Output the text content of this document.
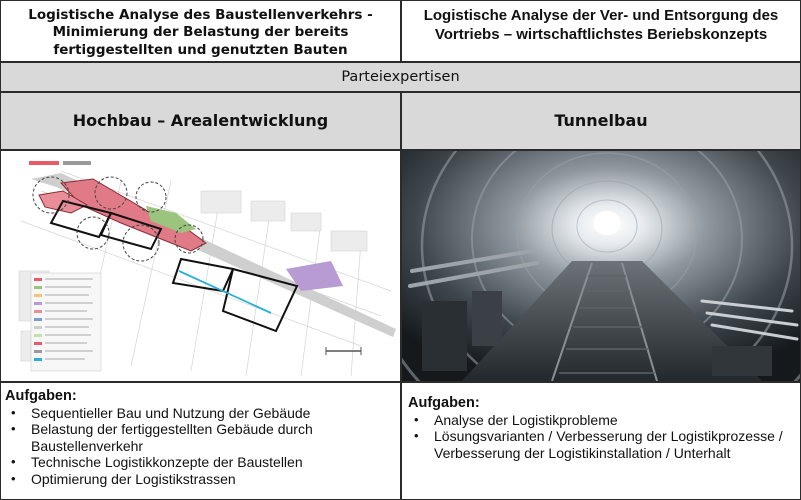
Logistische Analyse des Baustellenverkehrs - Minimierung der Belastung der bereits fertiggestellten und genutzten Bauten
Logistische Analyse der Ver- und Entsorgung des Vortriebs – wirtschaftlichstes Beriebskonzepts
Parteiexpertisen
Hochbau – Arealentwicklung	Tunnelbau
Aufgaben:
• Sequentieller Bau und Nutzung der Gebäude
• Belastung der fertiggestellten Gebäude durch Baustellenverkehr
• Technische Logistikkonzepte der Baustellen
• Optimierung der Logistikstrassen
Aufgaben:
• Analyse der Logistikprobleme
• Lösungsvarianten / Verbesserung der Logistikprozesse / Verbesserung der Logistikinstallation / Unterhalt
